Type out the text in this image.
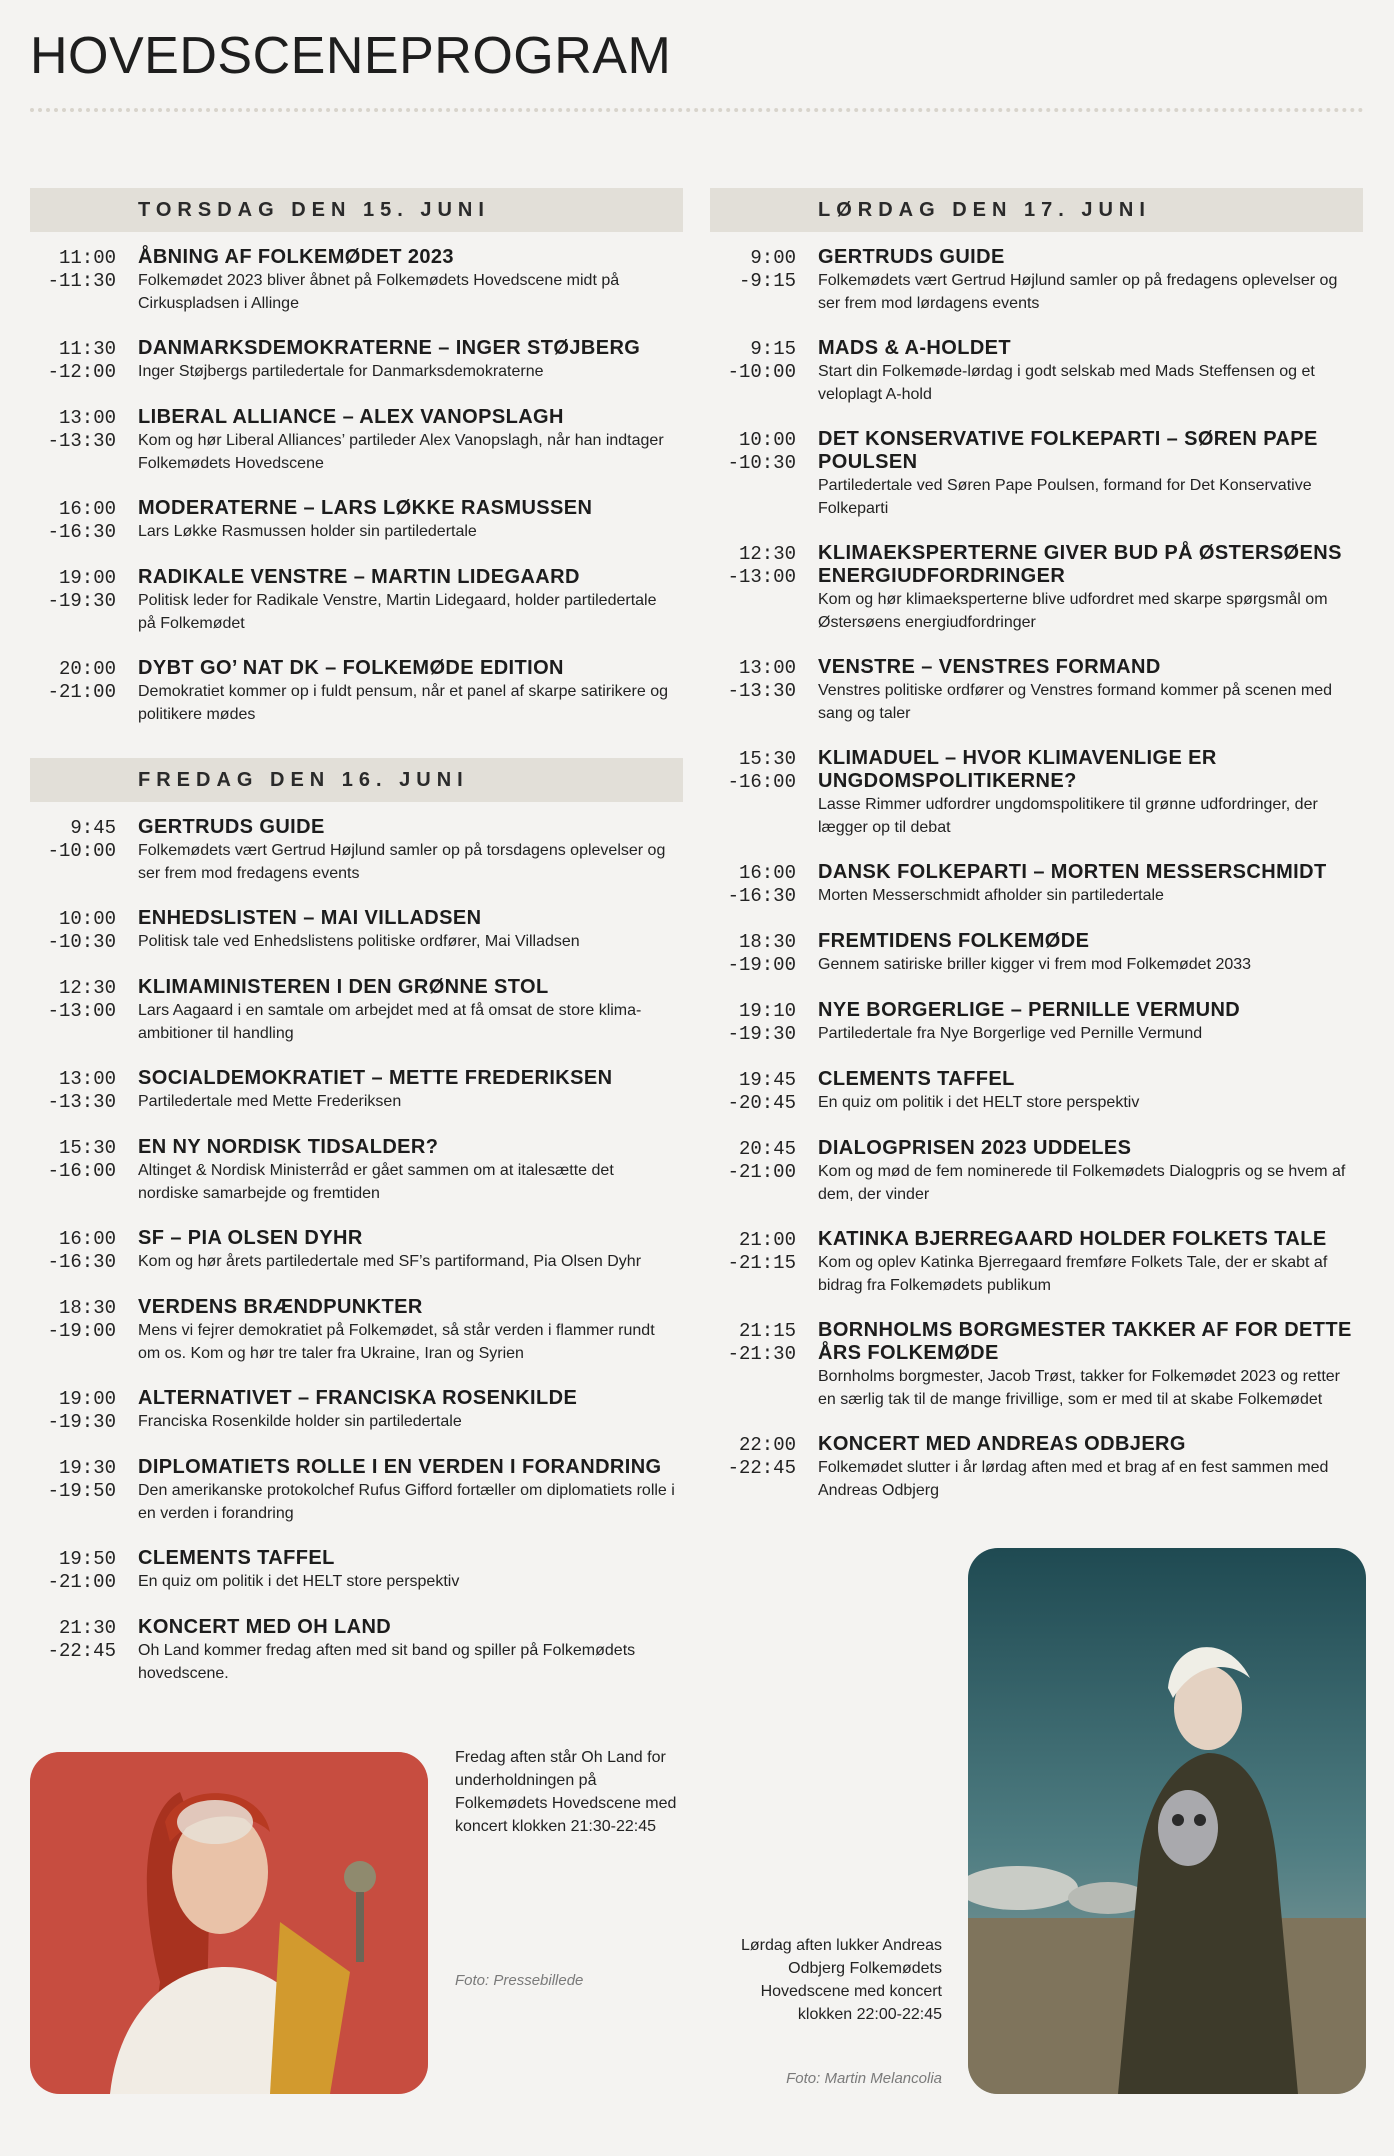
HOVEDSCENEPROGRAM
TORSDAG DEN 15. JUNI
11:00
-11:30
ÅBNING AF FOLKEMØDET 2023
Folkemødet 2023 bliver åbnet på Folkemødets Hovedscene midt på Cirkuspladsen i Allinge
11:30
-12:00
DANMARKSDEMOKRATERNE – INGER STØJBERG
Inger Støjbergs partiledertale for Danmarksdemokraterne
13:00
-13:30
LIBERAL ALLIANCE – ALEX VANOPSLAGH
Kom og hør Liberal Alliances’ partileder Alex Vanopslagh, når han indtager Folkemødets Hovedscene
16:00
-16:30
MODERATERNE – LARS LØKKE RASMUSSEN
Lars Løkke Rasmussen holder sin partiledertale
19:00
-19:30
RADIKALE VENSTRE – MARTIN LIDEGAARD
Politisk leder for Radikale Venstre, Martin Lidegaard, holder partiledertale på Folkemødet
20:00
-21:00
DYBT GO’ NAT DK – FOLKEMØDE EDITION
Demokratiet kommer op i fuldt pensum, når et panel af skarpe satirikere og politikere mødes
FREDAG DEN 16. JUNI
9:45
-10:00
GERTRUDS GUIDE
Folkemødets vært Gertrud Højlund samler op på torsdagens oplevelser og ser frem mod fredagens events
10:00
-10:30
ENHEDSLISTEN – MAI VILLADSEN
Politisk tale ved Enhedslistens politiske ordfører, Mai Villadsen
12:30
-13:00
KLIMAMINISTEREN I DEN GRØNNE STOL
Lars Aagaard i en samtale om arbejdet med at få omsat de store klima-ambitioner til handling
13:00
-13:30
SOCIALDEMOKRATIET – METTE FREDERIKSEN
Partiledertale med Mette Frederiksen
15:30
-16:00
EN NY NORDISK TIDSALDER?
Altinget & Nordisk Ministerråd er gået sammen om at italesætte det nordiske samarbejde og fremtiden
16:00
-16:30
SF – PIA OLSEN DYHR
Kom og hør årets partiledertale med SF’s partiformand, Pia Olsen Dyhr
18:30
-19:00
VERDENS BRÆNDPUNKTER
Mens vi fejrer demokratiet på Folkemødet, så står verden i flammer rundt om os. Kom og hør tre taler fra Ukraine, Iran og Syrien
19:00
-19:30
ALTERNATIVET – FRANCISKA ROSENKILDE
Franciska Rosenkilde holder sin partiledertale
19:30
-19:50
DIPLOMATIETS ROLLE I EN VERDEN I FORANDRING
Den amerikanske protokolchef Rufus Gifford fortæller om diplomatiets rolle i en verden i forandring
19:50
-21:00
CLEMENTS TAFFEL
En quiz om politik i det HELT store perspektiv
21:30
-22:45
KONCERT MED OH LAND
Oh Land kommer fredag aften med sit band og spiller på Folkemødets hovedscene.
LØRDAG DEN 17. JUNI
9:00
-9:15
GERTRUDS GUIDE
Folkemødets vært Gertrud Højlund samler op på fredagens oplevelser og ser frem mod lørdagens events
9:15
-10:00
MADS & A-HOLDET
Start din Folkemøde-lørdag i godt selskab med Mads Steffensen og et veloplagt A-hold
10:00
-10:30
DET KONSERVATIVE FOLKEPARTI – SØREN PAPE POULSEN
Partiledertale ved Søren Pape Poulsen, formand for Det Konservative Folkeparti
12:30
-13:00
KLIMAEKSPERTERNE GIVER BUD PÅ ØSTERSØENS ENERGIUDFORDRINGER
Kom og hør klimaeksperterne blive udfordret med skarpe spørgsmål om Østersøens energiudfordringer
13:00
-13:30
VENSTRE – VENSTRES FORMAND
Venstres politiske ordfører og Venstres formand kommer på scenen med sang og taler
15:30
-16:00
KLIMADUEL – HVOR KLIMAVENLIGE ER UNGDOMSPOLITIKERNE?
Lasse Rimmer udfordrer ungdomspolitikere til grønne udfordringer, der lægger op til debat
16:00
-16:30
DANSK FOLKEPARTI – MORTEN MESSERSCHMIDT
Morten Messerschmidt afholder sin partiledertale
18:30
-19:00
FREMTIDENS FOLKEMØDE
Gennem satiriske briller kigger vi frem mod Folkemødet 2033
19:10
-19:30
NYE BORGERLIGE – PERNILLE VERMUND
Partiledertale fra Nye Borgerlige ved Pernille Vermund
19:45
-20:45
CLEMENTS TAFFEL
En quiz om politik i det HELT store perspektiv
20:45
-21:00
DIALOGPRISEN 2023 UDDELES
Kom og mød de fem nominerede til Folkemødets Dialogpris og se hvem af dem, der vinder
21:00
-21:15
KATINKA BJERREGAARD HOLDER FOLKETS TALE
Kom og oplev Katinka Bjerregaard fremføre Folkets Tale, der er skabt af bidrag fra Folkemødets publikum
21:15
-21:30
BORNHOLMS BORGMESTER TAKKER AF FOR DETTE ÅRS FOLKEMØDE
Bornholms borgmester, Jacob Trøst, takker for Folkemødet 2023 og retter en særlig tak til de mange frivillige, som er med til at skabe Folkemødet
22:00
-22:45
KONCERT MED ANDREAS ODBJERG
Folkemødet slutter i år lørdag aften med et brag af en fest sammen med Andreas Odbjerg
Fredag aften står Oh Land for underholdningen på Folkemødets Hovedscene med koncert klokken 21:30-22:45
Foto: Pressebillede
Lørdag aften lukker Andreas Odbjerg Folkemødets Hovedscene med koncert klokken 22:00-22:45
Foto: Martin Melancolia
